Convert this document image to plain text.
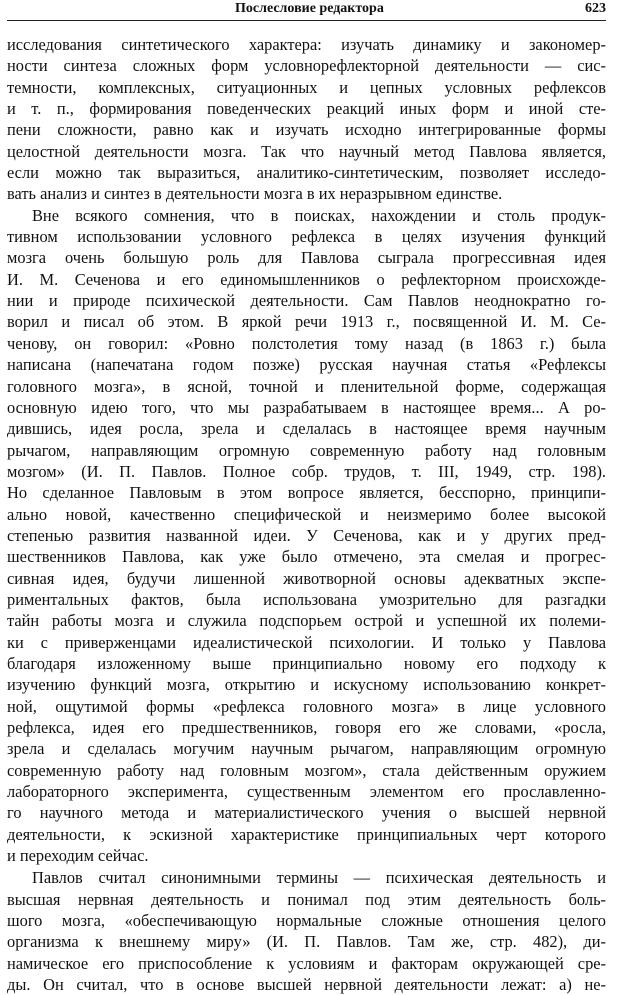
Послесловие редактора	623
исследования синтетического характера: изучать динамику и закономер-
ности синтеза сложных форм условнорефлекторной деятельности — сис-
темности, комплексных, ситуационных и цепных условных рефлексов
и т. п., формирования поведенческих реакций иных форм и иной сте-
пени сложности, равно как и изучать исходно интегрированные формы
целостной деятельности мозга. Так что научный метод Павлова является,
если можно так выразиться, аналитико-синтетическим, позволяет исследо-
вать анализ и синтез в деятельности мозга в их неразрывном единстве.
Вне всякого сомнения, что в поисках, нахождении и столь продук-
тивном использовании условного рефлекса в целях изучения функций
мозга очень большую роль для Павлова сыграла прогрессивная идея
И. М. Сеченова и его единомышленников о рефлекторном происхожде-
нии и природе психической деятельности. Сам Павлов неоднократно го-
ворил и писал об этом. В яркой речи 1913 г., посвященной И. М. Се-
ченову, он говорил: «Ровно полстолетия тому назад (в 1863 г.) была
написана (напечатана годом позже) русская научная статья «Рефлексы
головного мозга», в ясной, точной и пленительной форме, содержащая
основную идею того, что мы разрабатываем в настоящее время... А ро-
дившись, идея росла, зрела и сделалась в настоящее время научным
рычагом, направляющим огромную современную работу над головным
мозгом» (И. П. Павлов. Полное собр. трудов, т. III, 1949, стр. 198).
Но сделанное Павловым в этом вопросе является, бесспорно, принципи-
ально новой, качественно специфической и неизмеримо более высокой
степенью развития названной идеи. У Сеченова, как и у других пред-
шественников Павлова, как уже было отмечено, эта смелая и прогрес-
сивная идея, будучи лишенной животворной основы адекватных экспе-
риментальных фактов, была использована умозрительно для разгадки
тайн работы мозга и служила подспорьем острой и успешной их полеми-
ки с приверженцами идеалистической психологии. И только у Павлова
благодаря изложенному выше принципиально новому его подходу к
изучению функций мозга, открытию и искусному использованию конкрет-
ной, ощутимой формы «рефлекса головного мозга» в лице условного
рефлекса, идея его предшественников, говоря его же словами, «росла,
зрела и сделалась могучим научным рычагом, направляющим огромную
современную работу над головным мозгом», стала действенным оружием
лабораторного эксперимента, существенным элементом его прославленно-
го научного метода и материалистического учения о высшей нервной
деятельности, к эскизной характеристике принципиальных черт которого
и переходим сейчас.
Павлов считал синонимными термины — психическая деятельность и
высшая нервная деятельность и понимал под этим деятельность боль-
шого мозга, «обеспечивающую нормальные сложные отношения целого
организма к внешнему миру» (И. П. Павлов. Там же, стр. 482), ди-
намическое его приспособление к условиям и факторам окружающей сре-
ды. Он считал, что в основе высшей нервной деятельности лежат: а) не-
